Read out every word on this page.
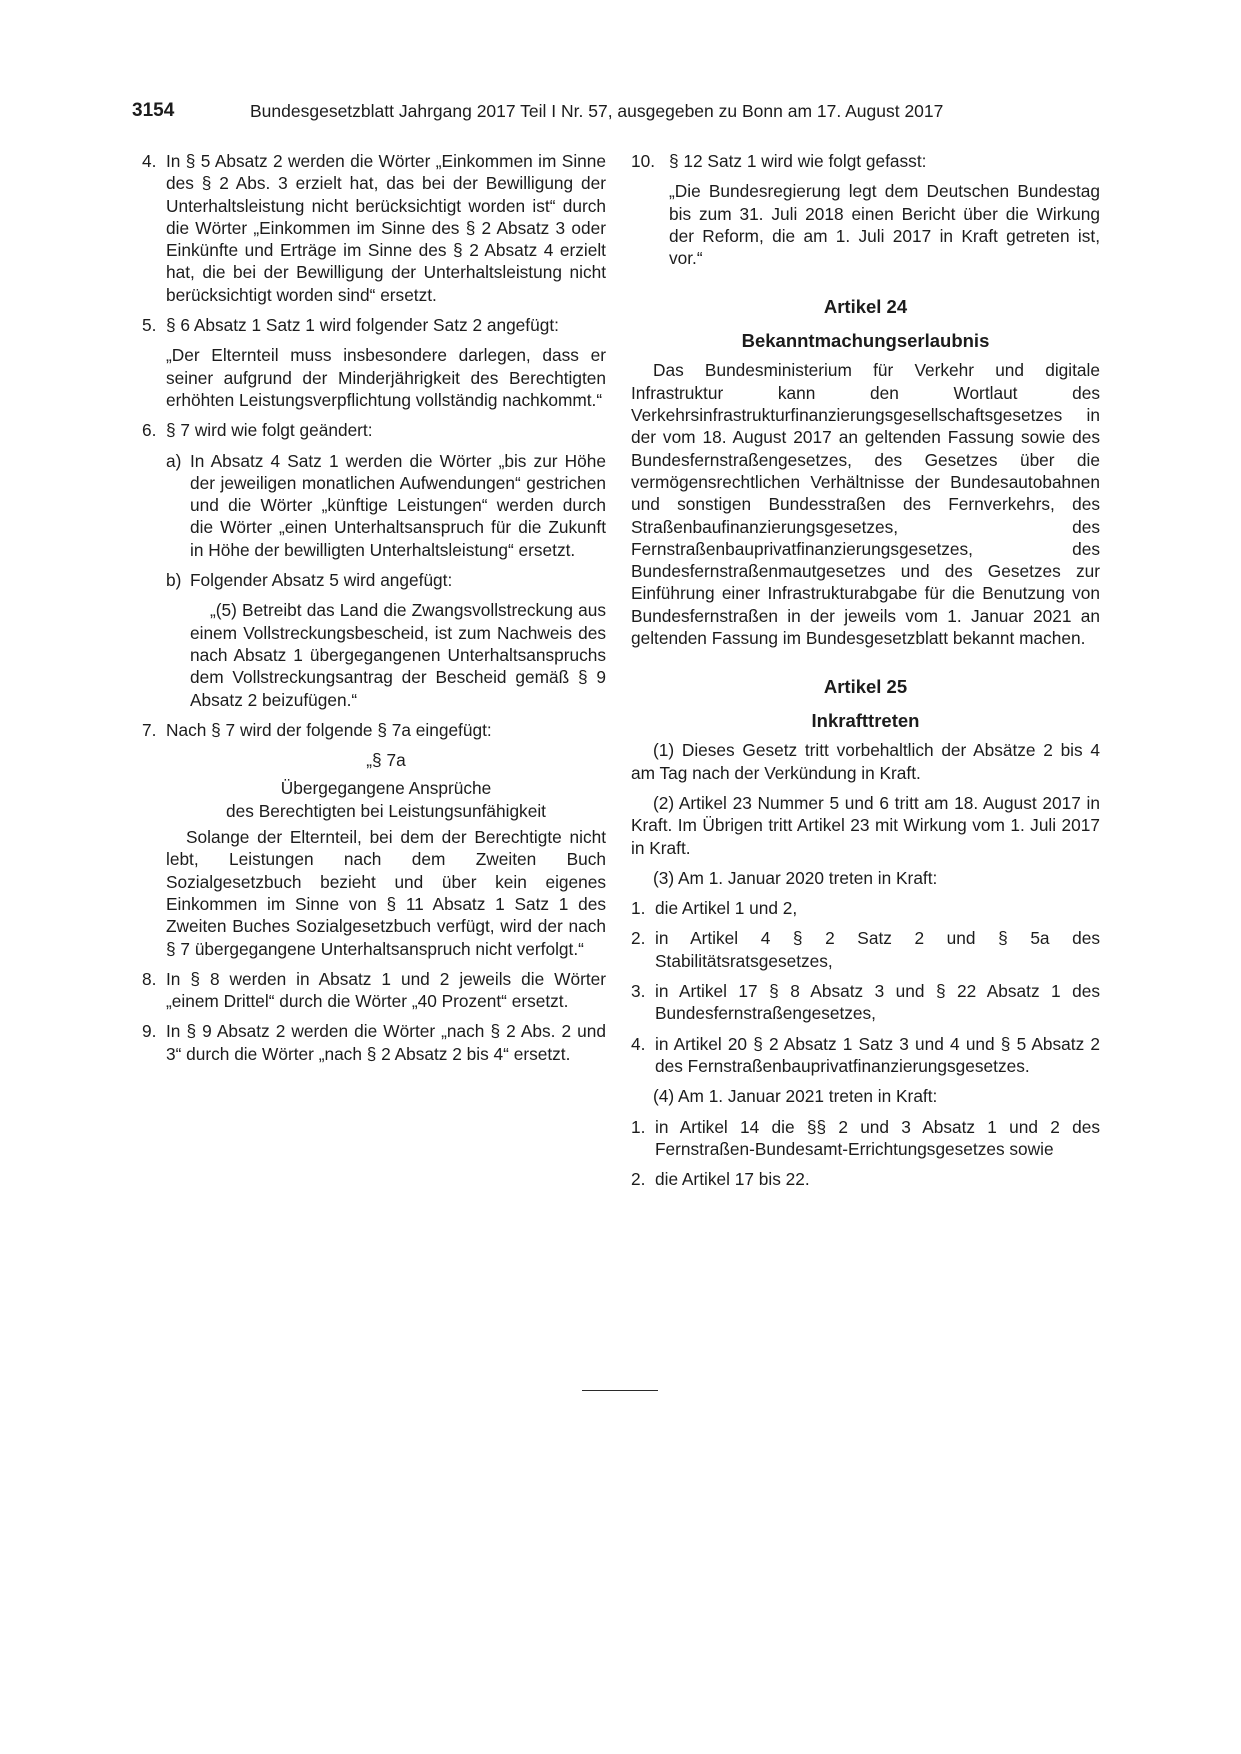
3154	Bundesgesetzblatt Jahrgang 2017 Teil I Nr. 57, ausgegeben zu Bonn am 17. August 2017
4. In § 5 Absatz 2 werden die Wörter „Einkommen im Sinne des § 2 Abs. 3 erzielt hat, das bei der Bewilligung der Unterhaltsleistung nicht berücksichtigt worden ist“ durch die Wörter „Einkommen im Sinne des § 2 Absatz 3 oder Einkünfte und Erträge im Sinne des § 2 Absatz 4 erzielt hat, die bei der Bewilligung der Unterhaltsleistung nicht berücksichtigt worden sind“ ersetzt.
5. § 6 Absatz 1 Satz 1 wird folgender Satz 2 angefügt:
„Der Elternteil muss insbesondere darlegen, dass er seiner aufgrund der Minderjährigkeit des Berechtigten erhöhten Leistungsverpflichtung vollständig nachkommt.“
6. § 7 wird wie folgt geändert:
a) In Absatz 4 Satz 1 werden die Wörter „bis zur Höhe der jeweiligen monatlichen Aufwendungen“ gestrichen und die Wörter „künftige Leistungen“ werden durch die Wörter „einen Unterhaltsanspruch für die Zukunft in Höhe der bewilligten Unterhaltsleistung“ ersetzt.
b) Folgender Absatz 5 wird angefügt:
„(5) Betreibt das Land die Zwangsvollstreckung aus einem Vollstreckungsbescheid, ist zum Nachweis des nach Absatz 1 übergegangenen Unterhaltsanspruchs dem Vollstreckungsantrag der Bescheid gemäß § 9 Absatz 2 beizufügen.“
7. Nach § 7 wird der folgende § 7a eingefügt:

„§ 7a

Übergegangene Ansprüche

des Berechtigten bei Leistungsunfähigkeit

Solange der Elternteil, bei dem der Berechtigte nicht lebt, Leistungen nach dem Zweiten Buch Sozialgesetzbuch bezieht und über kein eigenes Einkommen im Sinne von § 11 Absatz 1 Satz 1 des Zweiten Buches Sozialgesetzbuch verfügt, wird der nach § 7 übergegangene Unterhaltsanspruch nicht verfolgt.“
8. In § 8 werden in Absatz 1 und 2 jeweils die Wörter „einem Drittel“ durch die Wörter „40 Prozent“ ersetzt.
9. In § 9 Absatz 2 werden die Wörter „nach § 2 Abs. 2 und 3“ durch die Wörter „nach § 2 Absatz 2 bis 4“ ersetzt.
10. § 12 Satz 1 wird wie folgt gefasst:
„Die Bundesregierung legt dem Deutschen Bundestag bis zum 31. Juli 2018 einen Bericht über die Wirkung der Reform, die am 1. Juli 2017 in Kraft getreten ist, vor.“

Artikel 24

Bekanntmachungserlaubnis

Das Bundesministerium für Verkehr und digitale Infrastruktur kann den Wortlaut des Verkehrsinfrastrukturfinanzierungsgesellschaftsgesetzes in der vom 18. August 2017 an geltenden Fassung sowie des Bundesfernstraßengesetzes, des Gesetzes über die vermögensrechtlichen Verhältnisse der Bundesautobahnen und sonstigen Bundesstraßen des Fernverkehrs, des Straßenbaufinanzierungsgesetzes, des Fernstraßenbauprivatfinanzierungsgesetzes, des Bundesfernstraßenmautgesetzes und des Gesetzes zur Einführung einer Infrastrukturabgabe für die Benutzung von Bundesfernstraßen in der jeweils vom 1. Januar 2021 an geltenden Fassung im Bundesgesetzblatt bekannt machen.

Artikel 25

Inkrafttreten

(1) Dieses Gesetz tritt vorbehaltlich der Absätze 2 bis 4 am Tag nach der Verkündung in Kraft.

(2) Artikel 23 Nummer 5 und 6 tritt am 18. August 2017 in Kraft. Im Übrigen tritt Artikel 23 mit Wirkung vom 1. Juli 2017 in Kraft.

(3) Am 1. Januar 2020 treten in Kraft:

1. die Artikel 1 und 2,
2. in Artikel 4 § 2 Satz 2 und § 5a des Stabilitätsratsgesetzes,
3. in Artikel 17 § 8 Absatz 3 und § 22 Absatz 1 des Bundesfernstraßengesetzes,
4. in Artikel 20 § 2 Absatz 1 Satz 3 und 4 und § 5 Absatz 2 des Fernstraßenbauprivatfinanzierungsgesetzes.

(4) Am 1. Januar 2021 treten in Kraft:

1. in Artikel 14 die §§ 2 und 3 Absatz 1 und 2 des Fernstraßen-Bundesamt-Errichtungsgesetzes sowie
2. die Artikel 17 bis 22.
